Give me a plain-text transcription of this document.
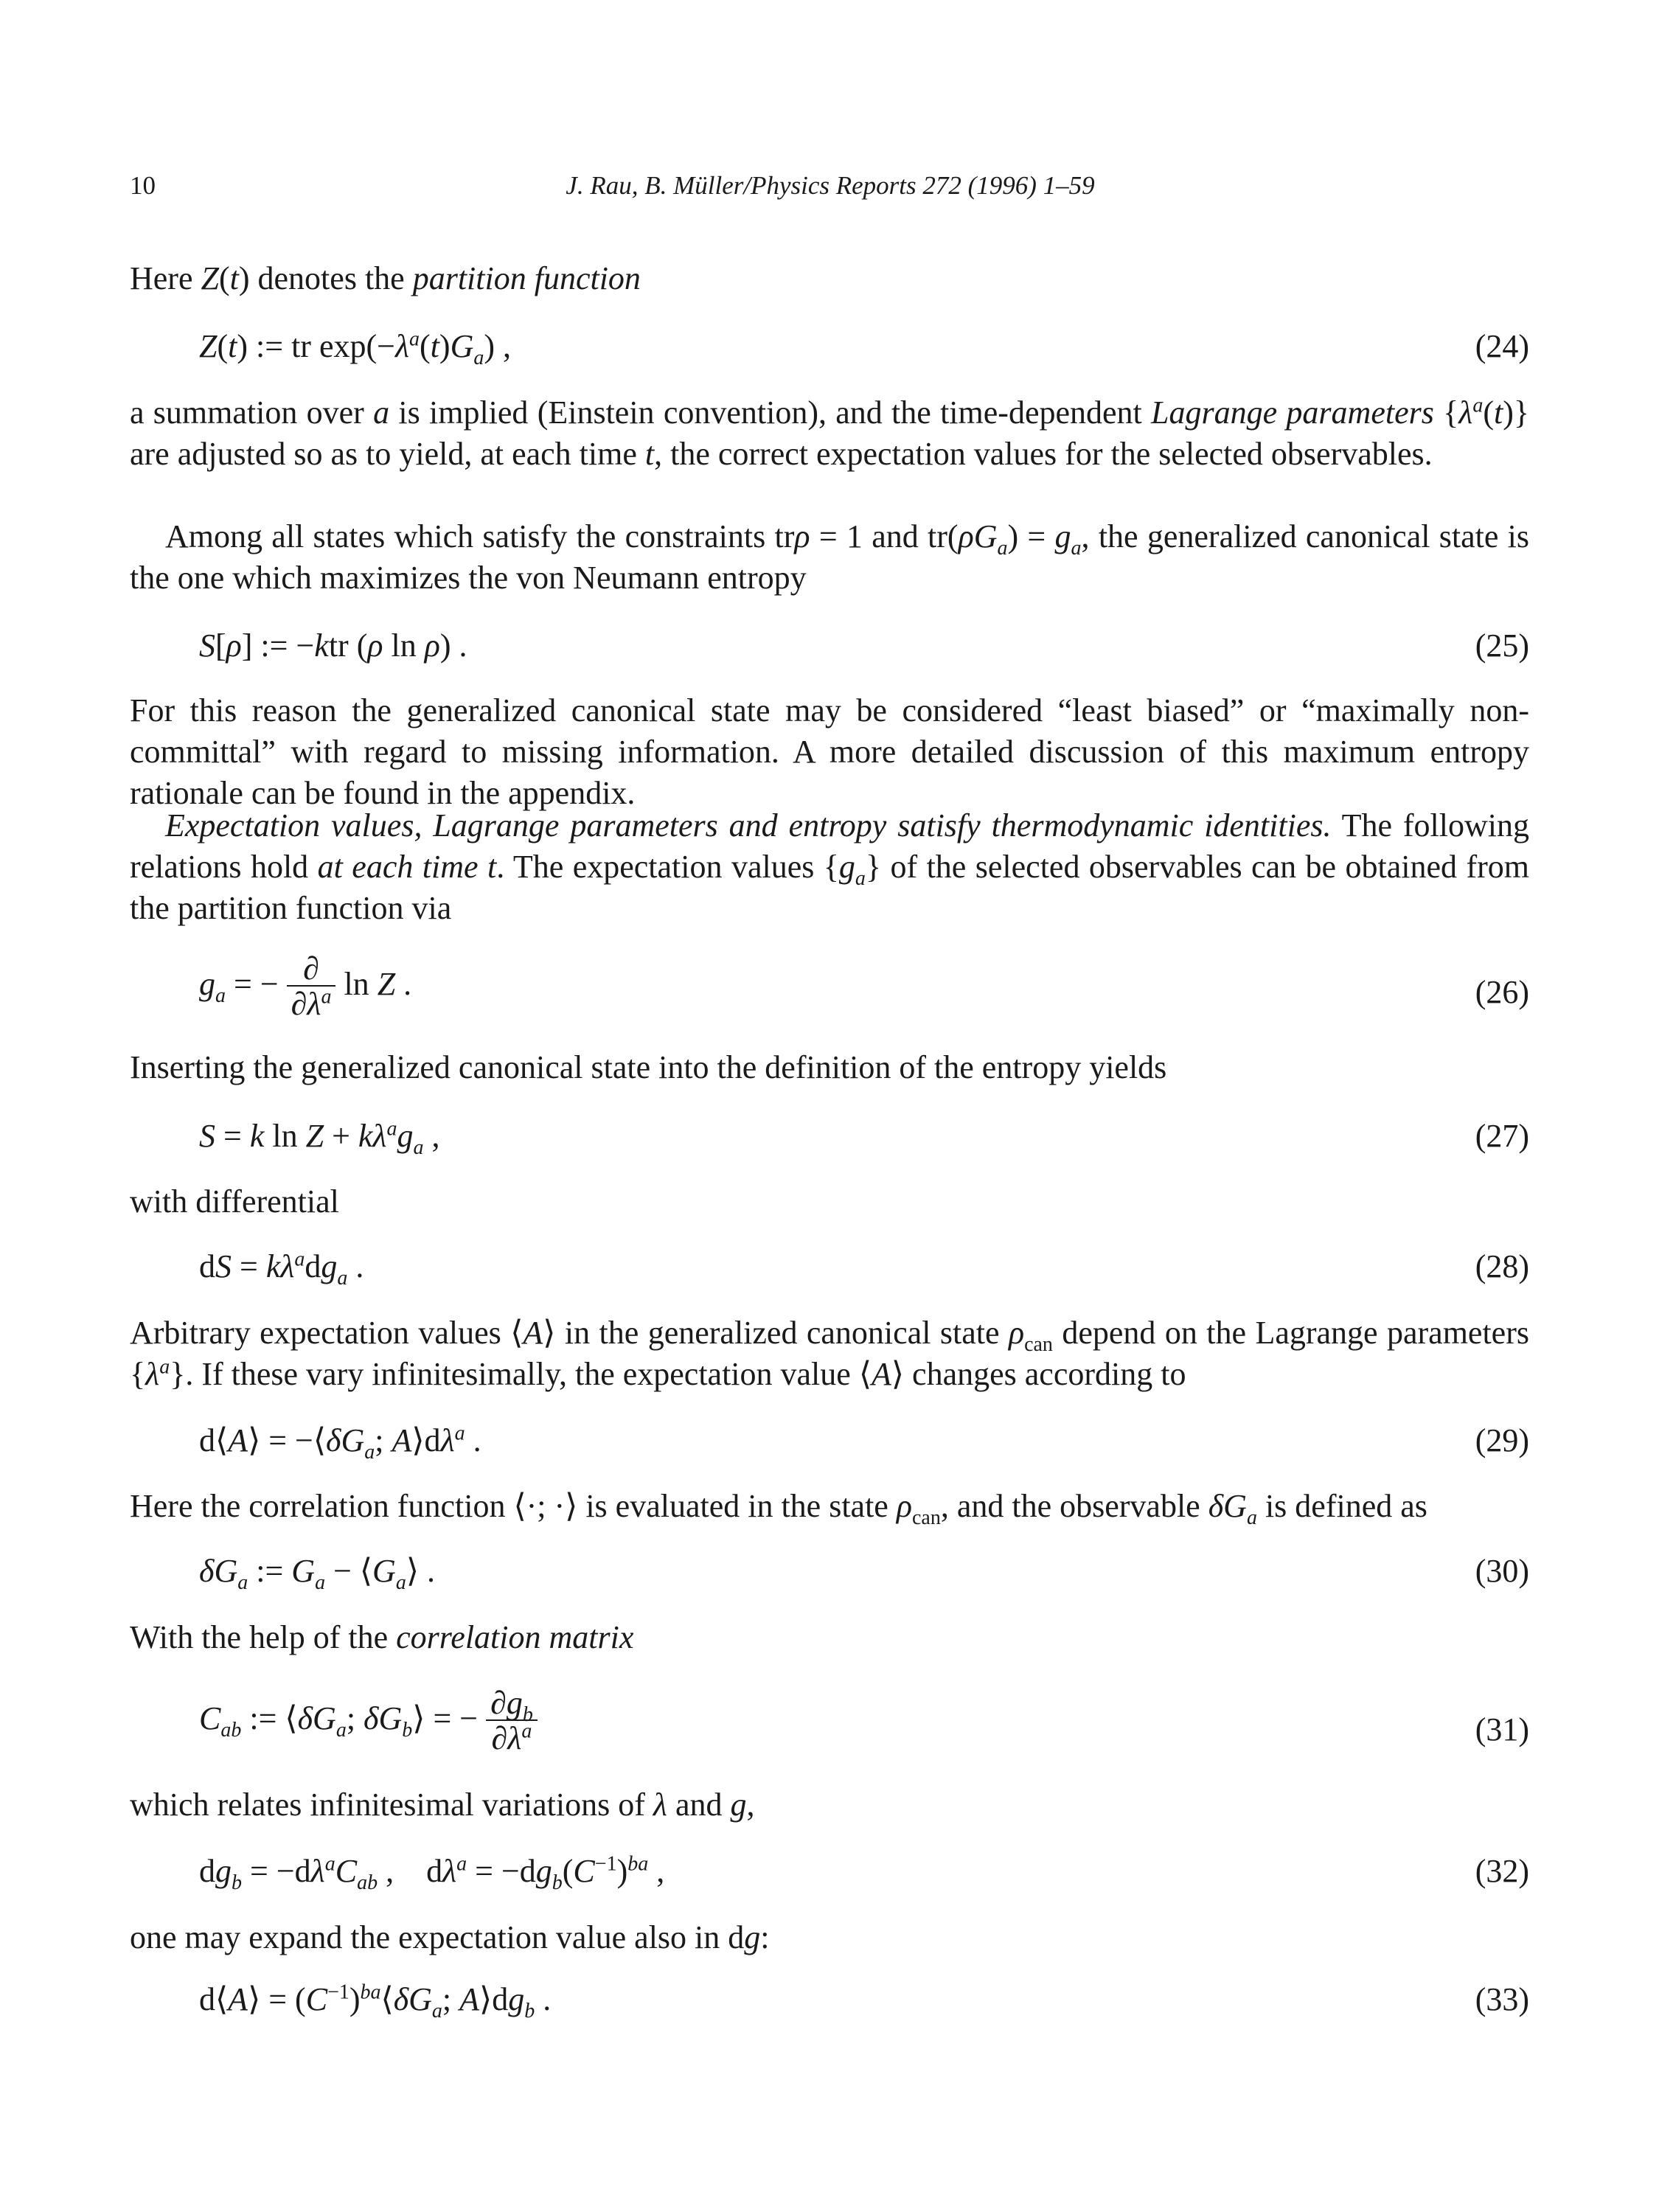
10	J. Rau, B. Müller/Physics Reports 272 (1996) 1–59

Here Z(t) denotes the partition function

Z(t) := tr $\exp(-\lambda^a(t)G_a)$ ,	(24)

a summation over a is implied (Einstein convention), and the time-dependent Lagrange parameters $\{\lambda^a(t)\}$ are adjusted so as to yield, at each time t, the correct expectation values for the selected observables.

Among all states which satisfy the constraints trρ = 1 and $tr(\rho G_a) = g_a$, the generalized canonical state is the one which maximizes the von Neumann entropy

S[ρ] := −ktr (ρ ln ρ) .	(25)

For this reason the generalized canonical state may be considered “least biased” or “maximally non-committal” with regard to missing information. A more detailed discussion of this maximum entropy rationale can be found in the appendix.

Expectation values, Lagrange parameters and entropy satisfy thermodynamic identities. The following relations hold at each time t. The expectation values $\{g_a\}$ of the selected observables can be obtained from the partition function via

$g_a$ = − $\frac{\partial}{\partial\lambda^a}$ ln Z .	(26)

Inserting the generalized canonical state into the definition of the entropy yields

S = k $\ln Z + k\lambda^ag_a$ ,	(27)

with differential

dS = $k\lambda^adg_a$ .	(28)

Arbitrary expectation values ⟨A⟩ in the generalized canonical state $\rho_{can}$ depend on the Lagrange parameters $\{\lambda^a\}$. If these vary infinitesimally, the expectation value ⟨A⟩ changes according to

d⟨A⟩ = $-⟨\delta G_a$; $A⟩d\lambda^a$ .	(29)

Here the correlation function ⟨·; ·⟩ is evaluated in the state $\rho_{can}$, and the observable $\delta G_a$ is defined as

$\delta G_a$ := $G_a$ − $⟨G_a⟩$ .	(30)

With the help of the correlation matrix

$C_{ab}$ := $⟨\delta G_a$; $\delta G_b⟩$ = − $\frac{\partial g_b}{\partial\lambda^a}$	(31)

which relates infinitesimal variations of λ and g,

$dg_b = -d\lambda^aC_{ab}$ ,    $d\lambda^a = -dg_b(C^{-1})^{ba}$ ,	(32)

one may expand the expectation value also in dg:

d⟨A⟩ = $(C^{-1})^{ba}⟨\delta G_a$; $A⟩dg_b$ .	(33)
